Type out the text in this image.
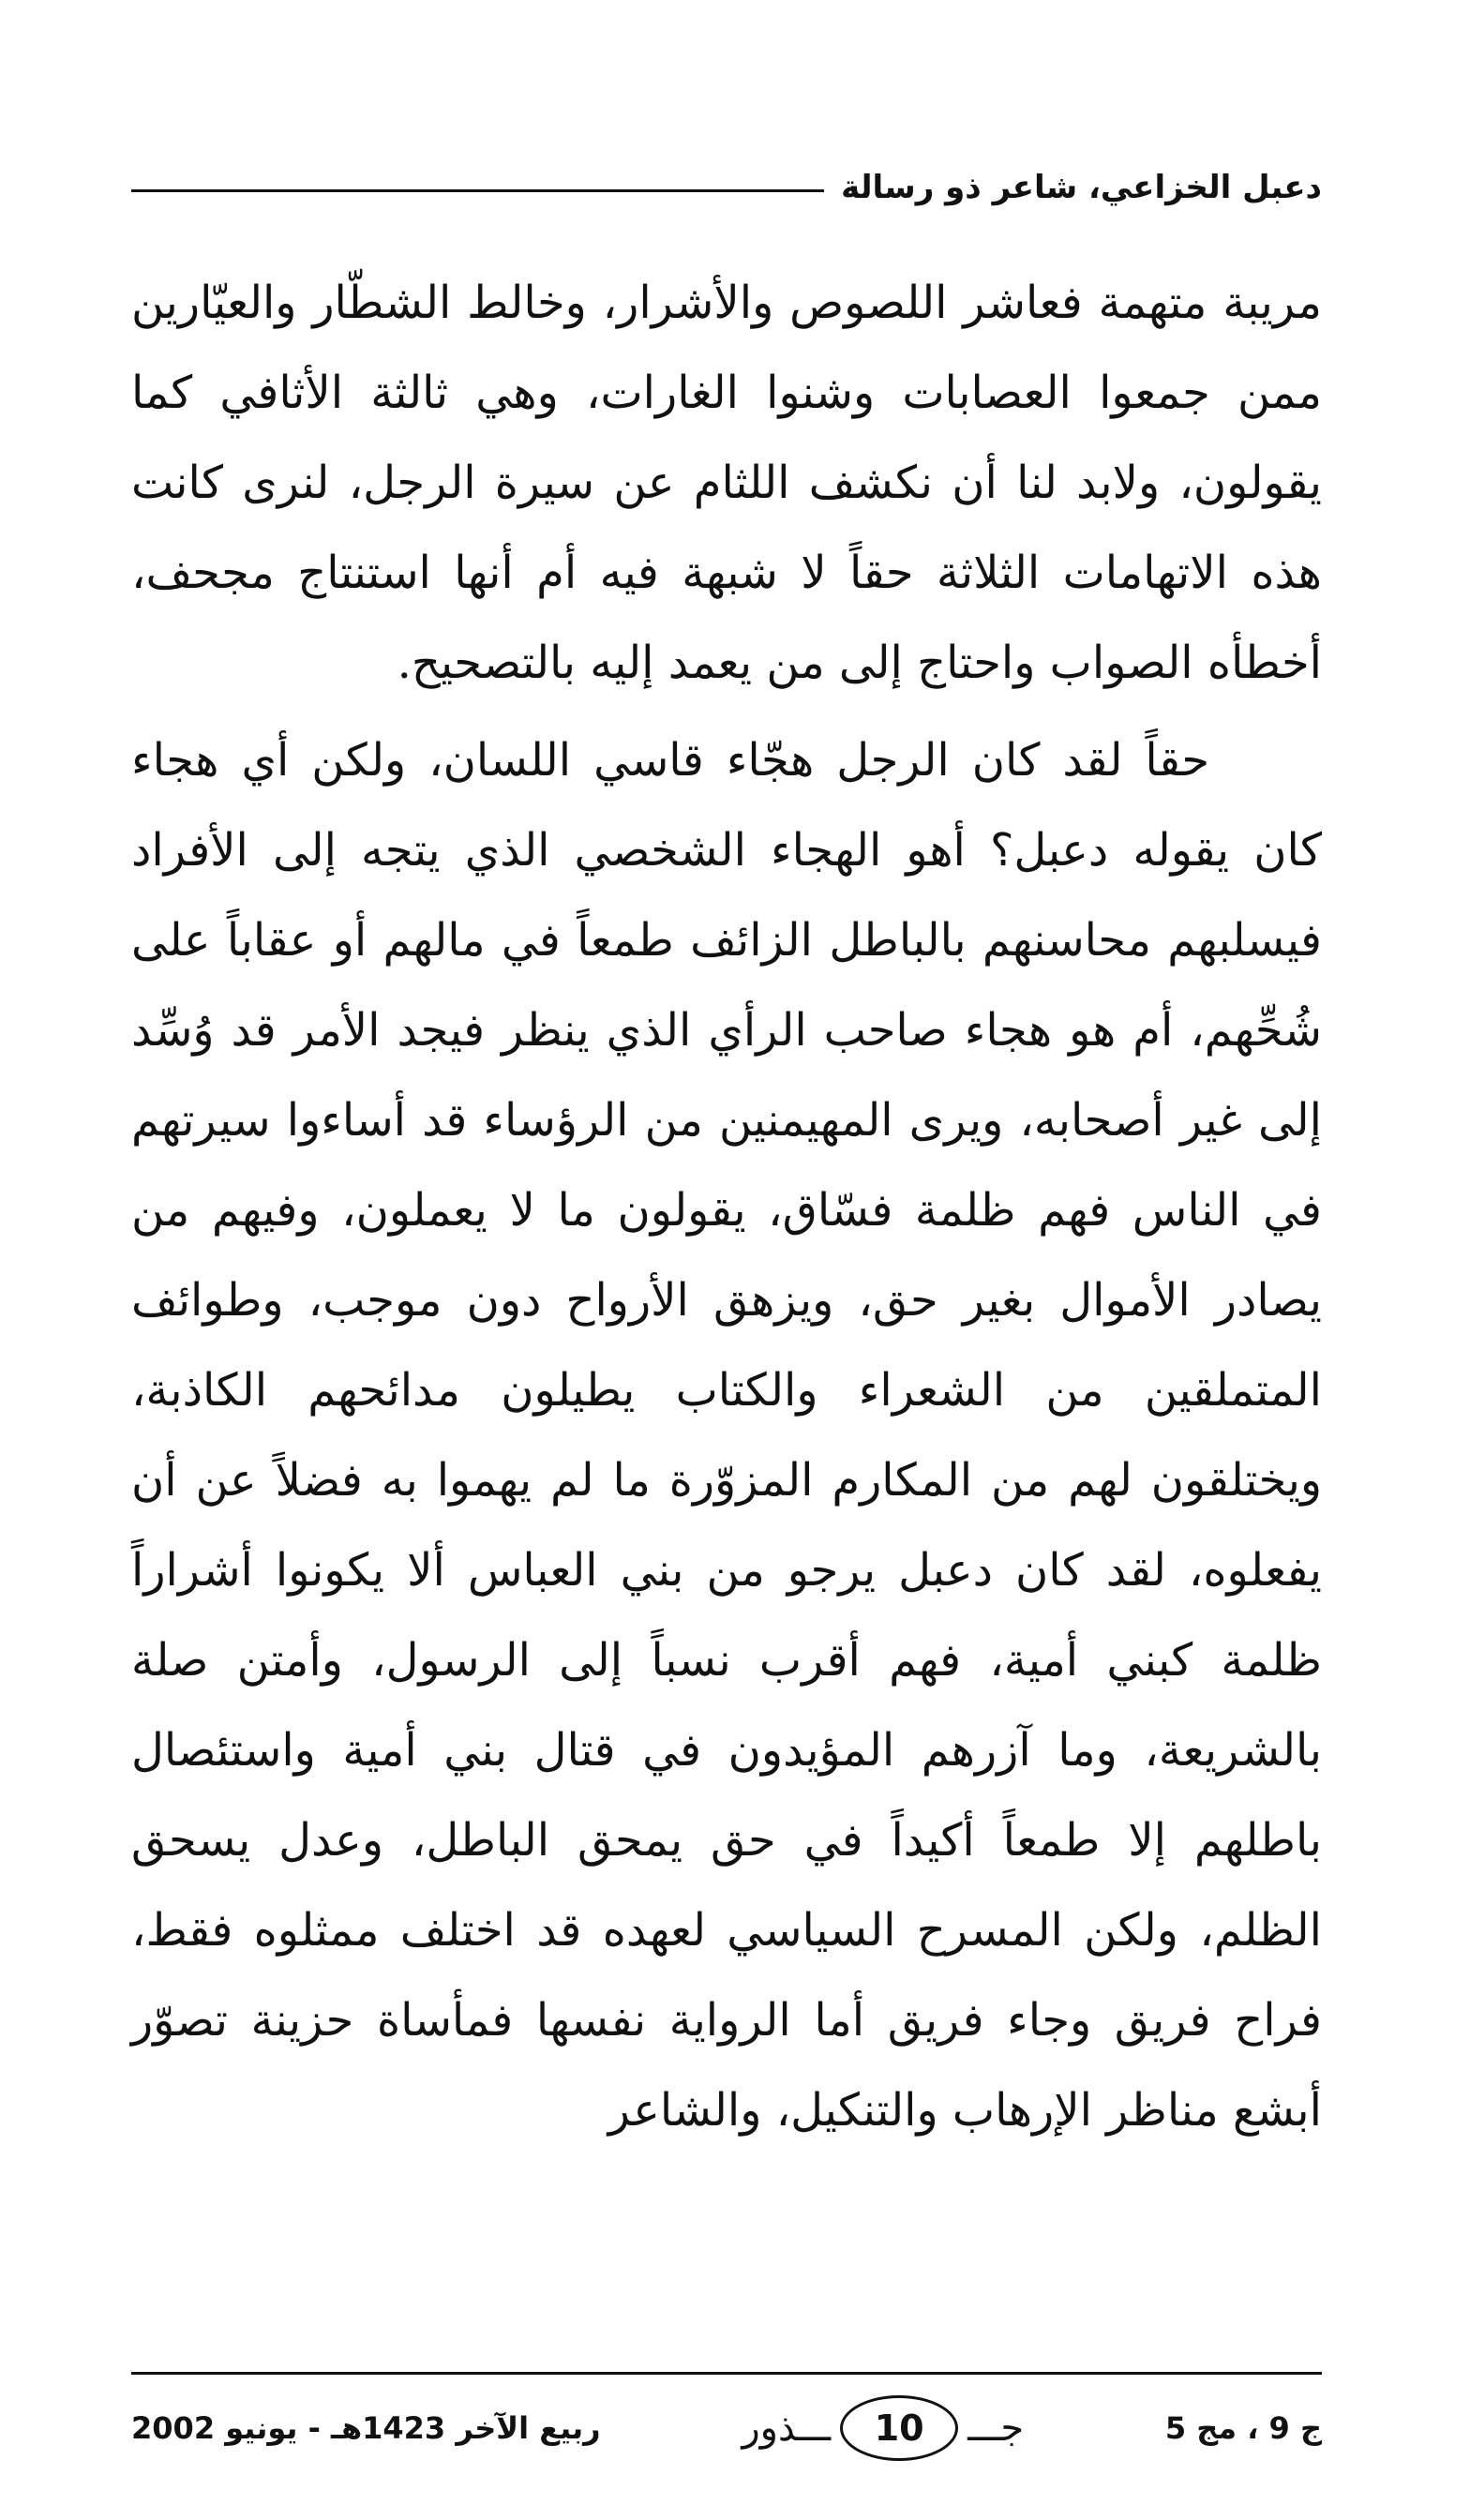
دعبل الخزاعي، شاعر ذو رسالة

مريبة متهمة فعاشر اللصوص والأشرار، وخالط الشطّار والعيّارين ممن جمعوا العصابات وشنوا الغارات، وهي ثالثة الأثافي كما يقولون، ولابد لنا أن نكشف اللثام عن سيرة الرجل، لنرى كانت هذه الاتهامات الثلاثة حقاً لا شبهة فيه أم أنها استنتاج مجحف، أخطأه الصواب واحتاج إلى من يعمد إليه بالتصحيح.

حقاً لقد كان الرجل هجّاء قاسي اللسان، ولكن أي هجاء كان يقوله دعبل؟ أهو الهجاء الشخصي الذي يتجه إلى الأفراد فيسلبهم محاسنهم بالباطل الزائف طمعاً في مالهم أو عقاباً على شُحِّهم، أم هو هجاء صاحب الرأي الذي ينظر فيجد الأمر قد وُسِّد إلى غير أصحابه، ويرى المهيمنين من الرؤساء قد أساءوا سيرتهم في الناس فهم ظلمة فسّاق، يقولون ما لا يعملون، وفيهم من يصادر الأموال بغير حق، ويزهق الأرواح دون موجب، وطوائف المتملقين من الشعراء والكتاب يطيلون مدائحهم الكاذبة، ويختلقون لهم من المكارم المزوّرة ما لم يهموا به فضلاً عن أن يفعلوه، لقد كان دعبل يرجو من بني العباس ألا يكونوا أشراراً ظلمة كبني أمية، فهم أقرب نسباً إلى الرسول، وأمتن صلة بالشريعة، وما آزرهم المؤيدون في قتال بني أمية واستئصال باطلهم إلا طمعاً أكيداً في حق يمحق الباطل، وعدل يسحق الظلم، ولكن المسرح السياسي لعهده قد اختلف ممثلوه فقط، فراح فريق وجاء فريق أما الرواية نفسها فمأساة حزينة تصوّر أبشع مناظر الإرهاب والتنكيل، والشاعر

ج 9 ، مج 5
جـــ
10
ـــذور
ربيع الآخر 1423هـ - يونيو 2002
